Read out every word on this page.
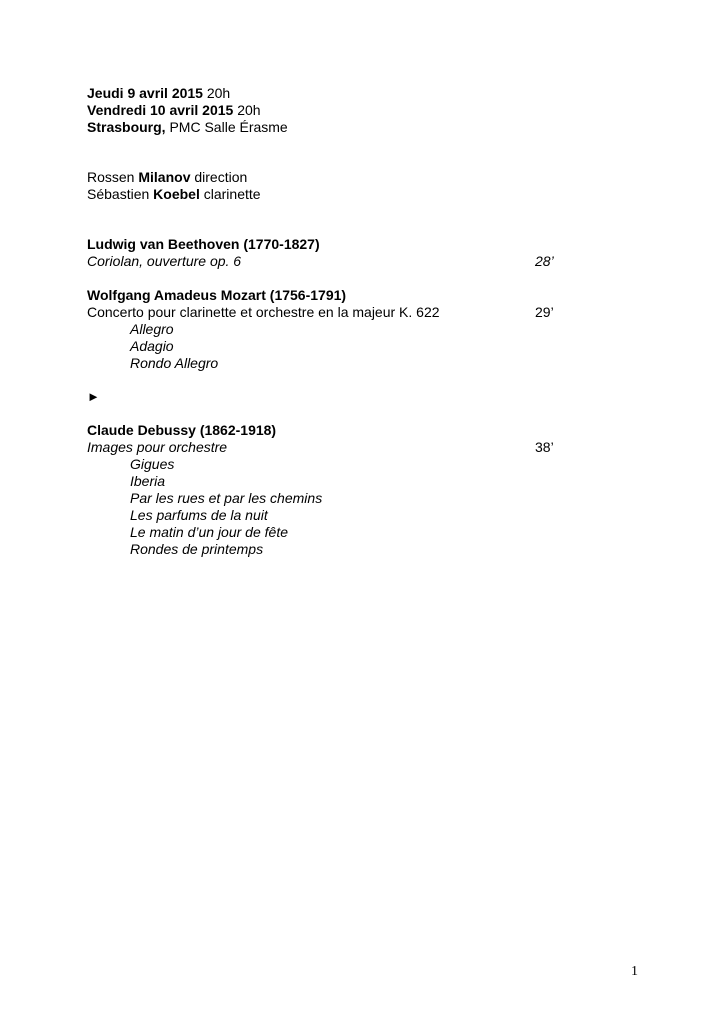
Jeudi 9 avril 2015 20h
Vendredi 10 avril 2015 20h
Strasbourg, PMC Salle Érasme
Rossen Milanov direction
Sébastien Koebel clarinette
Ludwig van Beethoven (1770-1827)
Coriolan, ouverture op. 6	28’
Wolfgang Amadeus Mozart (1756-1791)
Concerto pour clarinette et orchestre en la majeur K. 622	29’
Allegro
Adagio
Rondo Allegro
►
Claude Debussy (1862-1918)
Images pour orchestre	38’
Gigues
Iberia
Par les rues et par les chemins
Les parfums de la nuit
Le matin d’un jour de fête
Rondes de printemps
1
